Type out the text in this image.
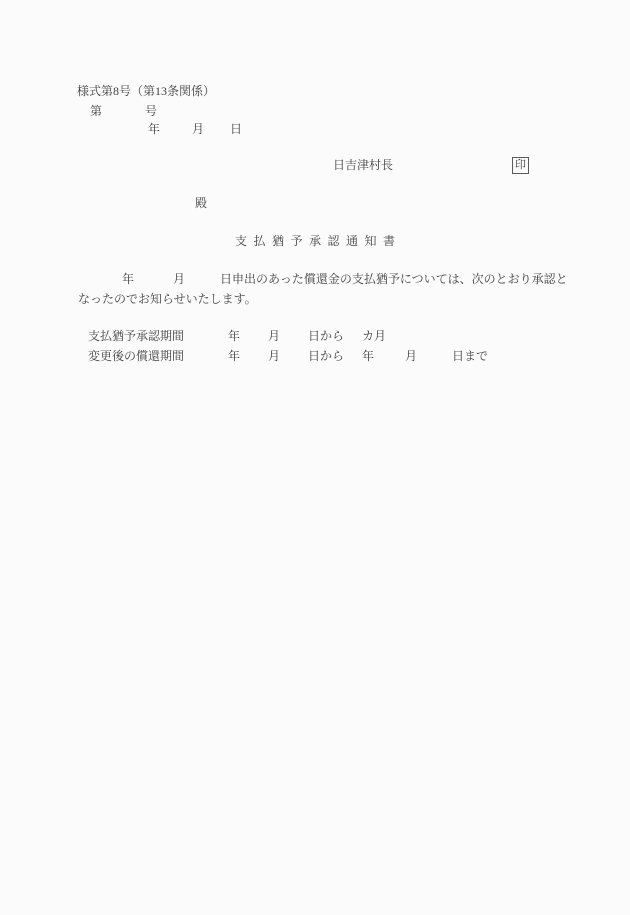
様式第8号（第13条関係）
第	号
年	月 日
日吉津村長	印
殿
支 払 猶 予 承 認 通 知 書
年	月	日申出のあった償還金の支払猶予については、次のとおり承認と
なったのでお知らせいたします。
支払猶予承認期間	年 月 日から カ月
変更後の償還期間	年 月 日から 年	月	日まで
